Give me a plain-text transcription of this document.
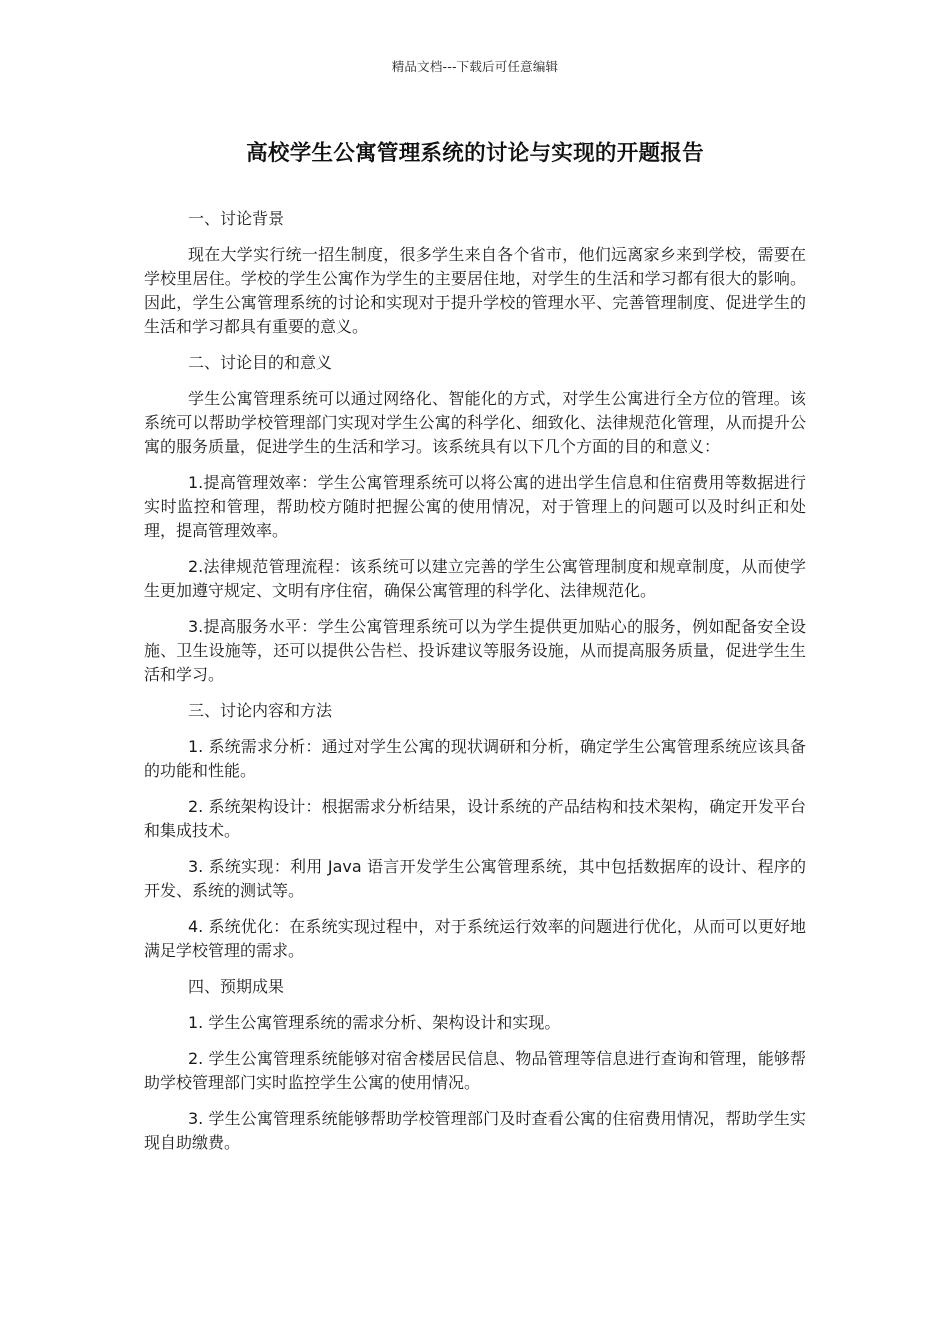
精品文档---下载后可任意编辑
高校学生公寓管理系统的讨论与实现的开题报告

一、讨论背景

现在大学实行统一招生制度，很多学生来自各个省市，他们远离家乡来到学校，需要在学校里居住。学校的学生公寓作为学生的主要居住地，对学生的生活和学习都有很大的影响。因此，学生公寓管理系统的讨论和实现对于提升学校的管理水平、完善管理制度、促进学生的生活和学习都具有重要的意义。

二、讨论目的和意义

学生公寓管理系统可以通过网络化、智能化的方式，对学生公寓进行全方位的管理。该系统可以帮助学校管理部门实现对学生公寓的科学化、细致化、法律规范化管理，从而提升公寓的服务质量，促进学生的生活和学习。该系统具有以下几个方面的目的和意义：

1.提高管理效率：学生公寓管理系统可以将公寓的进出学生信息和住宿费用等数据进行实时监控和管理，帮助校方随时把握公寓的使用情况，对于管理上的问题可以及时纠正和处理，提高管理效率。

2.法律规范管理流程：该系统可以建立完善的学生公寓管理制度和规章制度，从而使学生更加遵守规定、文明有序住宿，确保公寓管理的科学化、法律规范化。

3.提高服务水平：学生公寓管理系统可以为学生提供更加贴心的服务，例如配备安全设施、卫生设施等，还可以提供公告栏、投诉建议等服务设施，从而提高服务质量，促进学生生活和学习。

三、讨论内容和方法

1. 系统需求分析：通过对学生公寓的现状调研和分析，确定学生公寓管理系统应该具备的功能和性能。

2. 系统架构设计：根据需求分析结果，设计系统的产品结构和技术架构，确定开发平台和集成技术。

3. 系统实现：利用 Java 语言开发学生公寓管理系统，其中包括数据库的设计、程序的开发、系统的测试等。

4. 系统优化：在系统实现过程中，对于系统运行效率的问题进行优化，从而可以更好地满足学校管理的需求。

四、预期成果

1. 学生公寓管理系统的需求分析、架构设计和实现。

2. 学生公寓管理系统能够对宿舍楼居民信息、物品管理等信息进行查询和管理，能够帮助学校管理部门实时监控学生公寓的使用情况。

3. 学生公寓管理系统能够帮助学校管理部门及时查看公寓的住宿费用情况，帮助学生实现自助缴费。
